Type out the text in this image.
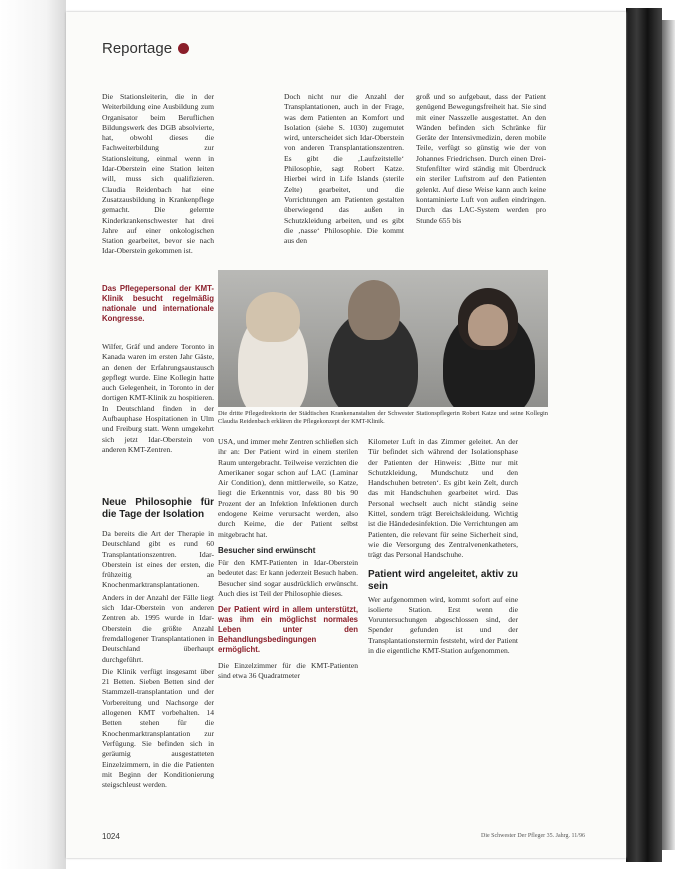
Reportage

Die Stationsleiterin, die in der Weiterbildung eine Ausbildung zum Organisator beim Beruflichen Bildungswerk des DGB absolvierte, hat, obwohl dieses die Fachweiterbildung zur Stationsleitung, einmal wenn in Idar-Oberstein eine Station leiten will, muss sich qualifizieren. Claudia Reidenbach hat eine Zusatzausbildung in Krankenpflege gemacht. Die gelernte Kinderkrankenschwester hat drei Jahre auf einer onkologischen Station gearbeitet, bevor sie nach Idar-Oberstein gekommen ist.

Das Pflegepersonal der KMT-Klinik besucht regelmäßig nationale und internationale Kongresse.

Wilfer, Gräf und andere Toronto in Kanada waren im ersten Jahr Gäste, an denen der Erfahrungsaustausch gepflegt wurde. Eine Kollegin hatte auch Gelegenheit, in Toronto in der dortigen KMT-Klinik zu hospitieren. In Deutschland finden in der Aufbauphase Hospitationen in Ulm und Freiburg statt. Wenn umgekehrt sich jetzt Idar-Oberstein von anderen KMT-Zentren.

Neue Philosophie für die Tage der Isolation

Da bereits die Art der Therapie in Deutschland gibt es rund 60 Transplantationszentren. Idar-Oberstein ist eines der ersten, die frühzeitig an Knochenmarktransplantationen.

Anders in der Anzahl der Fälle liegt sich Idar-Oberstein von anderen Zentren ab. 1995 wurde in Idar-Oberstein die größte Anzahl fremdallogener Transplantationen in Deutschland überhaupt durchgeführt.

Die Klinik verfügt insgesamt über 21 Betten. Sieben Betten sind der Stammzell-transplantation und der Vorbereitung und Nachsorge der allogenen KMT vorbehalten. 14 Betten stehen für die Knochenmarktransplantation zur Verfügung. Sie befinden sich in geräumig ausgestatteten Einzelzimmern, in die die Patienten mit Beginn der Konditionierung steigschleust werden.

Doch nicht nur die Anzahl der Transplantationen, auch in der Frage, was dem Patienten an Komfort und Isolation (siehe S. 1030) zugemutet wird, unterscheidet sich Idar-Oberstein von anderen Transplantationszentren. Es gibt die ‚Laufzeitstelle‘ Philosophie, sagt Robert Katze. Hierbei wird in Life Islands (sterile Zelte) gearbeitet, und die Vorrichtungen am Patienten gestalten überwiegend das außen in Schutzkleidung arbeiten, und es gibt die ‚nasse‘ Philosophie. Die kommt aus den

groß und so aufgebaut, dass der Patient genügend Bewegungsfreiheit hat. Sie sind mit einer Nasszelle ausgestattet. An den Wänden befinden sich Schränke für Geräte der Intensivmedizin, deren mobile Teile, verfügt so günstig wie der von Johannes Friedrichsen. Durch einen Drei-Stufenfilter wird ständig mit Überdruck ein steriler Luftstrom auf den Patienten gelenkt. Auf diese Weise kann auch keine kontaminierte Luft von außen eindringen. Durch das LAC-System werden pro Stunde 655 bis

Die dritte Pflegedirektorin der Städtischen Krankenanstalten der Schwester Stationspflegerin Robert Katze und seine Kollegin Claudia Reidenbach erklären die Pflegekonzept der KMT-Klinik.

USA, und immer mehr Zentren schließen sich ihr an: Der Patient wird in einem sterilen Raum untergebracht. Teilweise verzichten die Amerikaner sogar schon auf LAC (Laminar Air Condition), denn mittlerweile, so Katze, liegt die Erkenntnis vor, dass 80 bis 90 Prozent der an Infektion Infektionen durch endogene Keime verursacht werden, also durch Keime, die der Patient selbst mitgebracht hat.

Besucher sind erwünscht

Für den KMT-Patienten in Idar-Oberstein bedeutet das: Er kann jederzeit Besuch haben. Besucher sind sogar ausdrücklich erwünscht. Auch dies ist Teil der Philosophie dieses.

Der Patient wird in allem unterstützt, was ihm ein möglichst normales Leben unter den Behandlungsbedingungen ermöglicht.

Die Einzelzimmer für die KMT-Patienten sind etwa 36 Quadratmeter

Kilometer Luft in das Zimmer geleitet. An der Tür befindet sich während der Isolationsphase der Patienten der Hinweis: ‚Bitte nur mit Schutzkleidung, Mundschutz und den Handschuhen betreten‘. Es gibt kein Zelt, durch das mit Handschuhen gearbeitet wird. Das Personal wechselt auch nicht ständig seine Kittel, sondern trägt Bereichskleidung. Wichtig ist die Händedesinfektion. Die Verrichtungen am Patienten, die relevant für seine Sicherheit sind, wie die Versorgung des Zentralvenenkatheters, trägt das Personal Handschuhe.

Patient wird angeleitet, aktiv zu sein

Wer aufgenommen wird, kommt sofort auf eine isolierte Station. Erst wenn die Voruntersuchungen abgeschlossen sind, der Spender gefunden ist und der Transplantationstermin feststeht, wird der Patient in die eigentliche KMT-Station aufgenommen.

1024	Die Schwester Der Pfleger 35. Jahrg. 11/96
